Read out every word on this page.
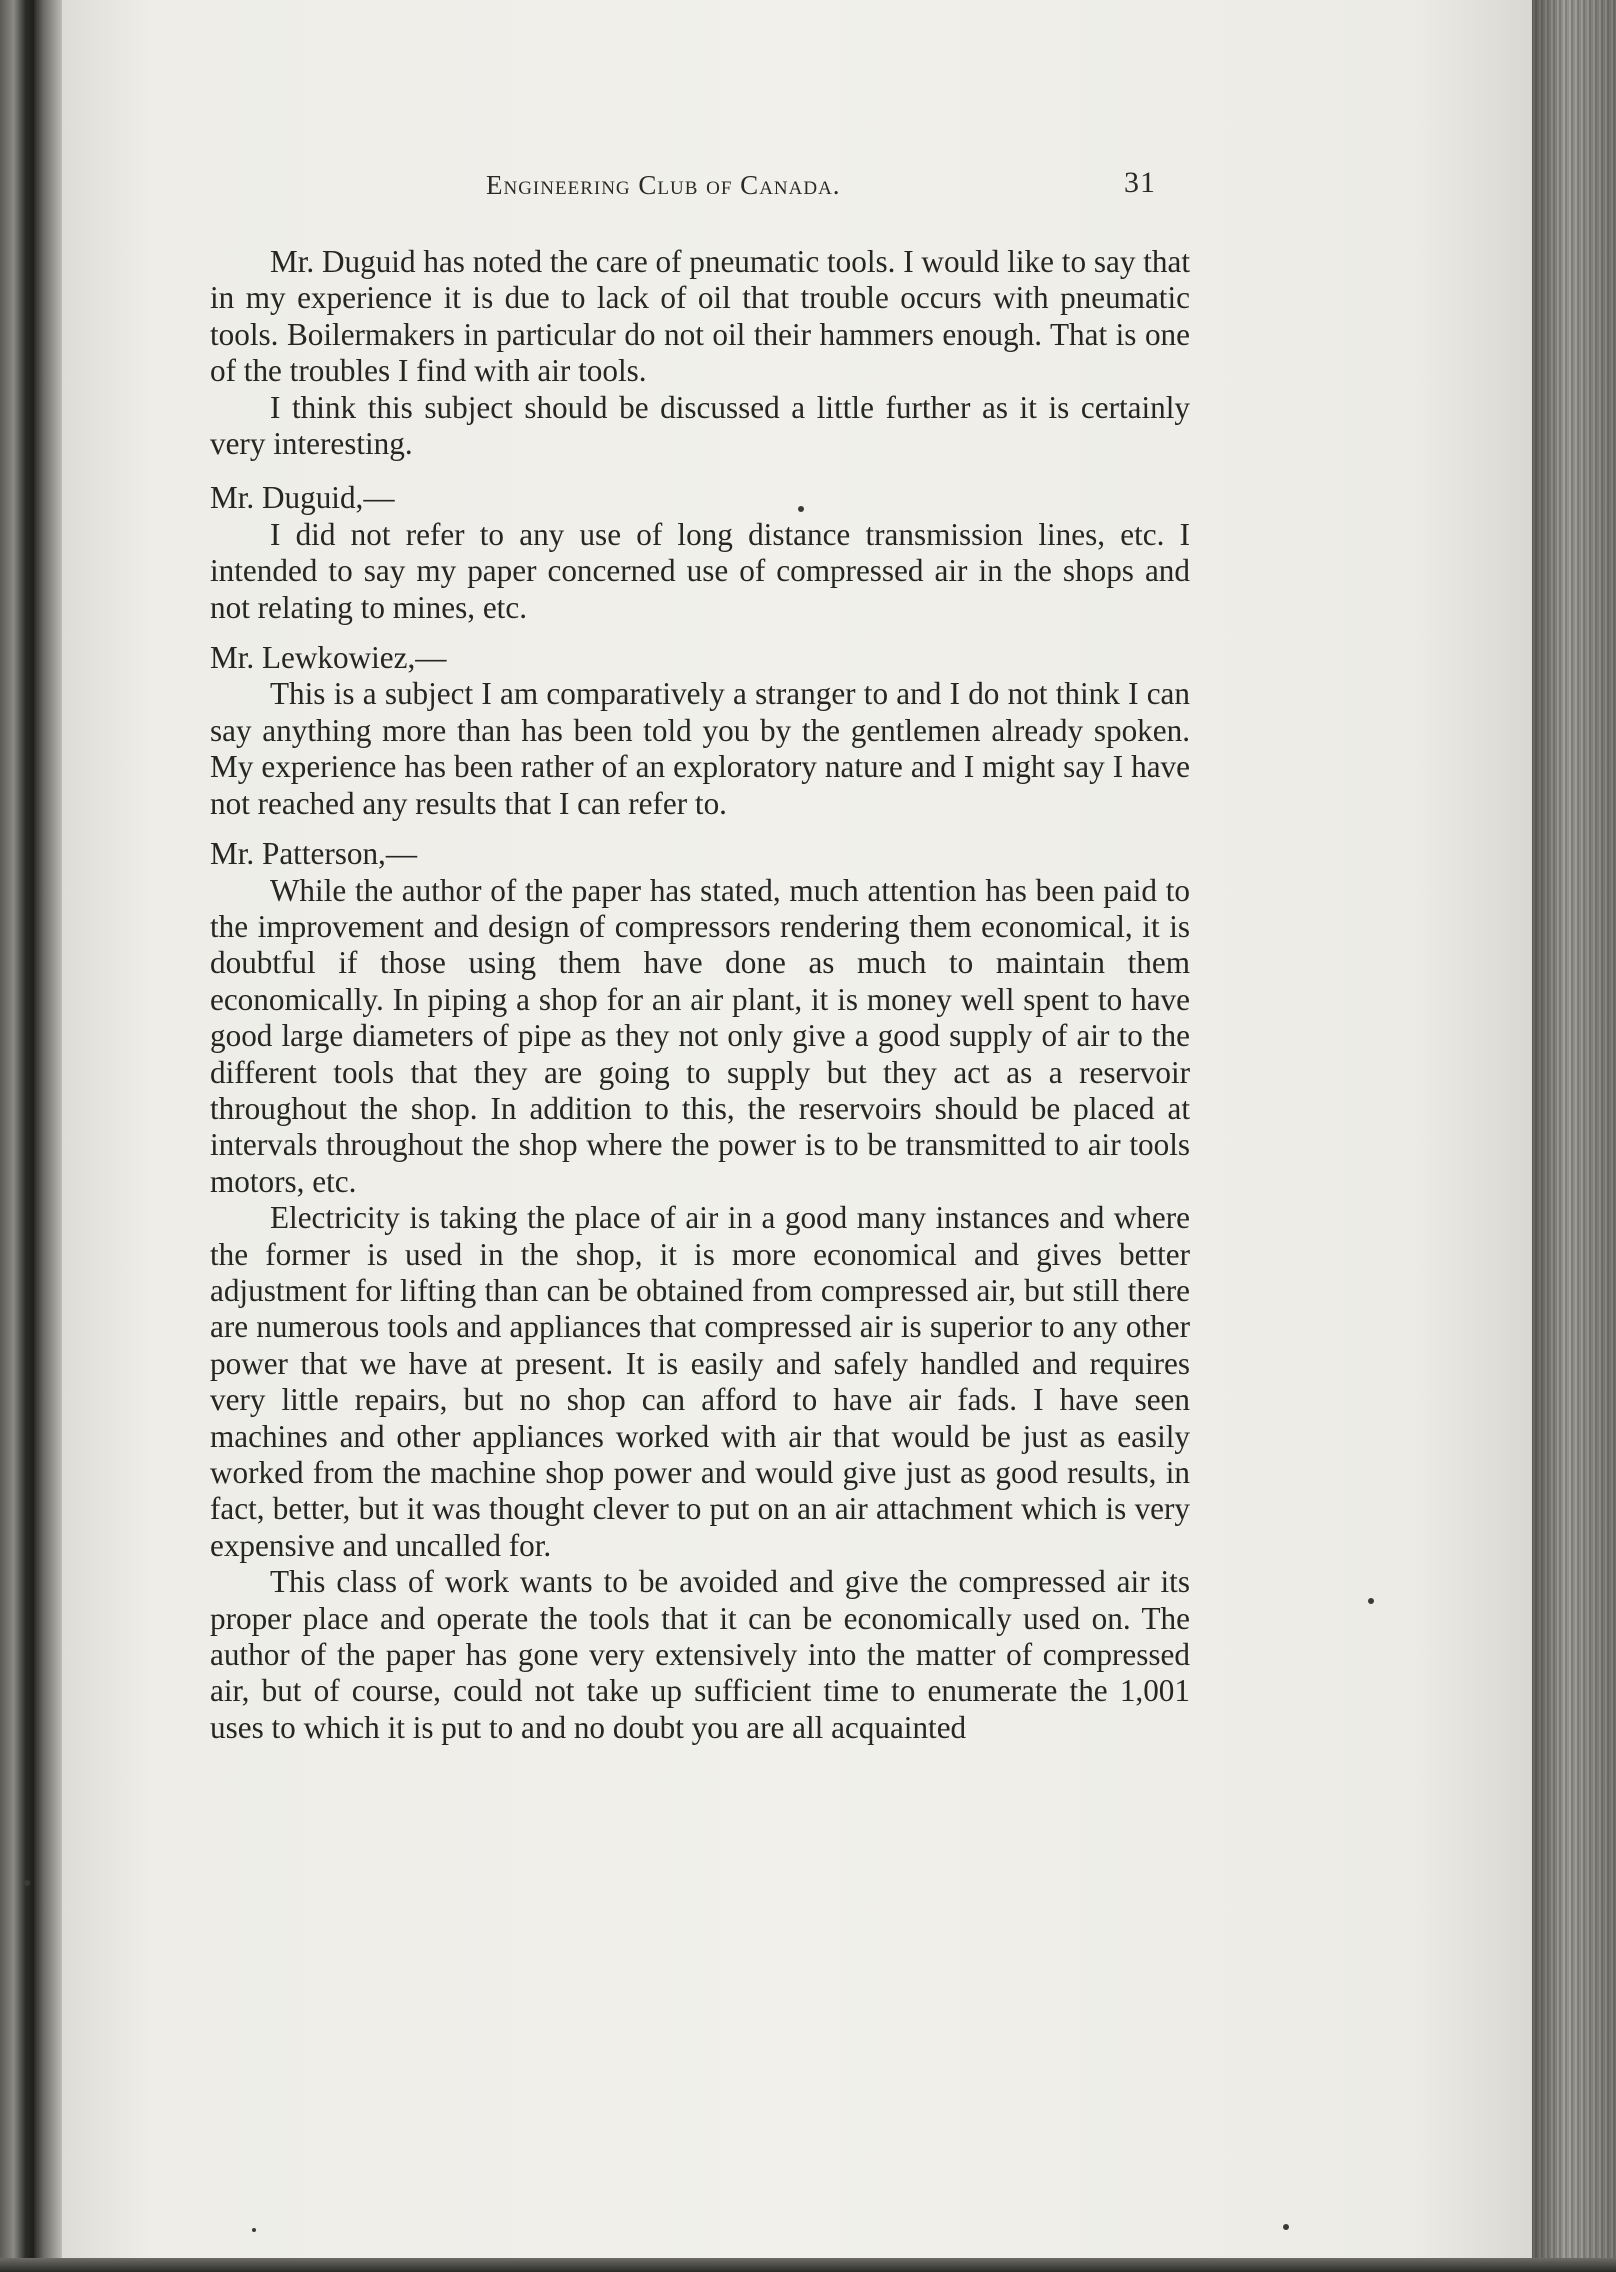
Engineering Club of Canada.	31

Mr. Duguid has noted the care of pneumatic tools. I would like to say that in my experience it is due to lack of oil that trouble occurs with pneumatic tools. Boilermakers in particular do not oil their hammers enough. That is one of the troubles I find with air tools.

I think this subject should be discussed a little further as it is certainly very interesting.

Mr. Duguid,—

I did not refer to any use of long distance transmission lines, etc. I intended to say my paper concerned use of compressed air in the shops and not relating to mines, etc.

Mr. Lewkowiez,—

This is a subject I am comparatively a stranger to and I do not think I can say anything more than has been told you by the gentlemen already spoken. My experience has been rather of an exploratory nature and I might say I have not reached any results that I can refer to.

Mr. Patterson,—

While the author of the paper has stated, much attention has been paid to the improvement and design of compressors rendering them economical, it is doubtful if those using them have done as much to maintain them economically. In piping a shop for an air plant, it is money well spent to have good large diameters of pipe as they not only give a good supply of air to the different tools that they are going to supply but they act as a reservoir throughout the shop. In addition to this, the reservoirs should be placed at intervals throughout the shop where the power is to be transmitted to air tools motors, etc.

Electricity is taking the place of air in a good many instances and where the former is used in the shop, it is more economical and gives better adjustment for lifting than can be obtained from compressed air, but still there are numerous tools and appliances that compressed air is superior to any other power that we have at present. It is easily and safely handled and requires very little repairs, but no shop can afford to have air fads. I have seen machines and other appliances worked with air that would be just as easily worked from the machine shop power and would give just as good results, in fact, better, but it was thought clever to put on an air attachment which is very expensive and uncalled for.

This class of work wants to be avoided and give the compressed air its proper place and operate the tools that it can be economically used on. The author of the paper has gone very extensively into the matter of compressed air, but of course, could not take up sufficient time to enumerate the 1,001 uses to which it is put to and no doubt you are all acquainted
